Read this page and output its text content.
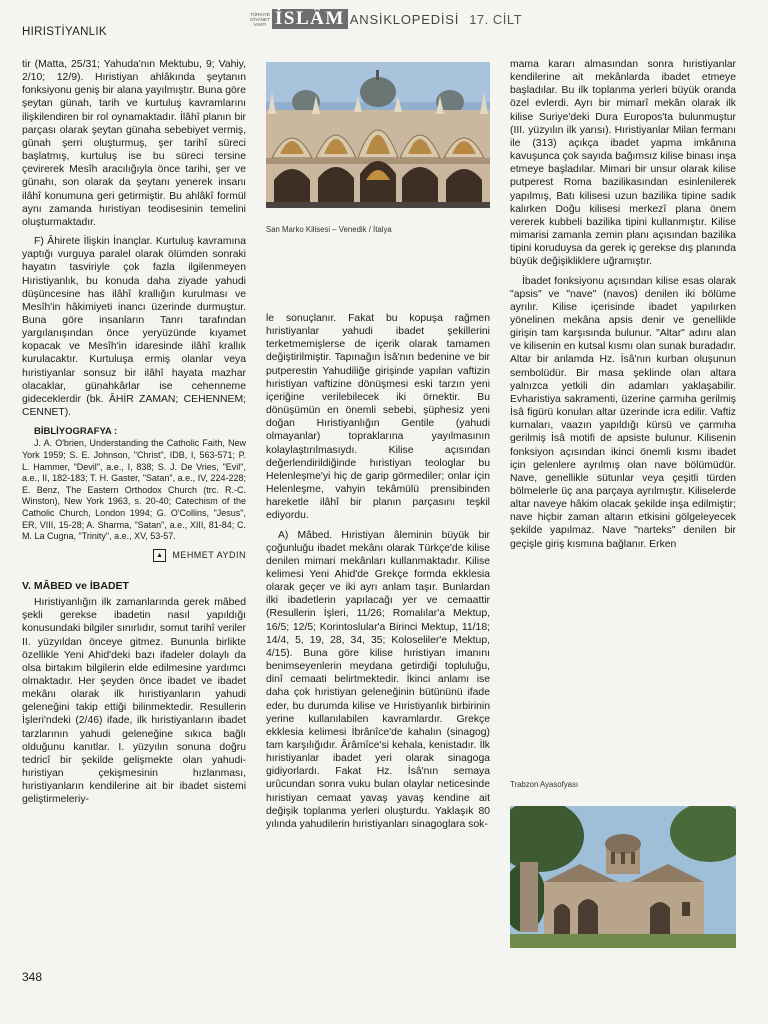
HIRISTİYANLIK
TÜRKİYE
DİYANET
VAKFI İSLÂM ANSİKLOPEDİSİ 17. CİLT

tir (Matta, 25/31; Yahuda'nın Mektubu, 9; Vahiy, 2/10; 12/9). Hıristiyan ahlâkında şeytanın fonksiyonu geniş bir alana yayılmıştır. Buna göre şeytan günah, tarih ve kurtuluş kavramlarını ilişkilendiren bir rol oynamaktadır. İlâhî planın bir parçası olarak şeytan günaha sebebiyet vermiş, günah şerri oluşturmuş, şer tarihî süreci başlatmış, kurtuluş ise bu süreci tersine çevirerek Mesîh aracılığıyla önce tarihi, şer ve günahı, son olarak da şeytanı yenerek insanı ilâhî konumuna geri getirmiştir. Bu ahlâkî formül aynı zamanda hıristiyan teodisesinin temelini oluşturmaktadır.

F) Âhirete İlişkin İnançlar. Kurtuluş kavramına yaptığı vurguya paralel olarak ölümden sonraki hayatın tasviriyle çok fazla ilgilenmeyen Hıristiyanlık, bu konuda daha ziyade yahudi düşüncesine has ilâhî krallığın kurulması ve Mesîh'in hâkimiyeti inancı üzerinde durmuştur. Buna göre insanların Tanrı tarafından yargılanışından önce yeryüzünde kıyamet kopacak ve Mesîh'in idaresinde ilâhî krallık kurulacaktır. Kurtuluşa ermiş olanlar veya hıristiyanlar sonsuz bir ilâhî hayata mazhar olacaklar, günahkârlar ise cehenneme gideceklerdir (bk. ÂHİR ZAMAN; CEHENNEM; CENNET).

BİBLİYOGRAFYA :

J. A. O'brien, Understanding the Catholic Faith, New York 1959; S. E. Johnson, "Christ", IDB, I, 563-571; P. L. Hammer, "Devil", a.e., I, 838; S. J. De Vries, "Evil", a.e., II, 182-183; T. H. Gaster, "Satan", a.e., IV, 224-228; E. Benz, The Eastern Orthodox Church (trc. R.-C. Winston), New York 1963, s. 20-40; Catechism of the Catholic Church, London 1994; G. O'Collins, "Jesus", ER, VIII, 15-28; A. Sharma, "Satan", a.e., XIII, 81-84; C. M. La Cugna, "Trinity", a.e., XV, 53-57.

▲ MEHMET AYDIN
V. MÂBED ve İBADET

Hıristiyanlığın ilk zamanlarında gerek mâbed şekli gerekse ibadetin nasıl yapıldığı konusundaki bilgiler sınırlıdır, somut tarihî veriler II. yüzyıldan önceye gitmez. Bununla birlikte özellikle Yeni Ahid'deki bazı ifadeler dolaylı da olsa birtakım bilgilerin elde edilmesine yardımcı olmaktadır. Her şeyden önce ibadet ve ibadet mekânı olarak ilk hıristiyanların yahudi geleneğini takip ettiği bilinmektedir. Resullerin İşleri'ndeki (2/46) ifade, ilk hıristiyanların ibadet tarzlarının yahudi geleneğine sıkıca bağlı olduğunu kanıtlar. I. yüzyılın sonuna doğru tedricî bir şekilde gelişmekte olan yahudi-hıristiyan çekişmesinin hızlanması, hıristiyanların kendilerine ait bir ibadet sistemi geliştirmeleriy-

San Marko Kilisesi – Venedik / İtalya

le sonuçlanır. Fakat bu kopuşa rağmen hıristiyanlar yahudi ibadet şekillerini terketmemişlerse de içerik olarak tamamen değiştirilmiştir. Tapınağın İsâ'nın bedenine ve bir putperestin Yahudiliğe girişinde yapılan vaftizin hıristiyan vaftizine dönüşmesi eski tarzın yeni içeriğine verilebilecek iki örnektir. Bu dönüşümün en önemli sebebi, şüphesiz yeni doğan Hıristiyanlığın Gentile (yahudi olmayanlar) topraklarına yayılmasının kolaylaştırılmasıydı. Kilise açısından değerlendirildiğinde hıristiyan teologlar bu Helenleşme'yi hiç de garip görmediler; onlar için Helenleşme, vahyin tekâmülü prensibinden hareketle ilâhî bir planın parçasını teşkil ediyordu.

A) Mâbed. Hıristiyan âleminin büyük bir çoğunluğu ibadet mekânı olarak Türkçe'de kilise denilen mimari mekânları kullanmaktadır. Kilise kelimesi Yeni Ahid'de Grekçe formda ekklesia olarak geçer ve iki ayrı anlam taşır. Bunlardan ilki ibadetlerin yapılacağı yer ve cemaattir (Resullerin İşleri, 11/26; Romalılar'a Mektup, 16/5; 12/5; Korintoslular'a Birinci Mektup, 11/18; 14/4, 5, 19, 28, 34, 35; Koloseliler'e Mektup, 4/15). Buna göre kilise hıristiyan imanını benimseyenlerin meydana getirdiği topluluğu, dinî cemaati belirtmektedir. İkinci anlamı ise daha çok hıristiyan geleneğinin bütününü ifade eder, bu durumda kilise ve Hıristiyanlık birbirinin yerine kullanılabilen kavramlardır. Grekçe ekklesia kelimesi İbrânîce'de kahalın (sinagog) tam karşılığıdır. Ârâmîce'si kehala, kenistadır. İlk hıristiyanlar ibadet yeri olarak sinagoga gidiyorlardı. Fakat Hz. İsâ'nın semaya urûcundan sonra vuku bulan olaylar neticesinde hıristiyan cemaat yavaş yavaş kendine ait değişik toplanma yerleri oluşturdu. Yaklaşık 80 yılında yahudilerin hıristiyanları sinagoglara sok-

mama kararı almasından sonra hıristiyanlar kendilerine ait mekânlarda ibadet etmeye başladılar. Bu ilk toplanma yerleri büyük oranda özel evlerdi. Ayrı bir mimarî mekân olarak ilk kilise Suriye'deki Dura Europos'ta bulunmuştur (III. yüzyılın ilk yarısı). Hıristiyanlar Milan fermanı ile (313) açıkça ibadet yapma imkânına kavuşunca çok sayıda bağımsız kilise binası inşa etmeye başladılar. Mimari bir unsur olarak kilise putperest Roma bazilikasından esinlenilerek yapılmış, Batı kilisesi uzun bazilika tipine sadık kalırken Doğu kilisesi merkezî plana önem vererek kubbeli bazilika tipini kullanmıştır. Kilise mimarisi zamanla zemin planı açısından bazilika tipini koruduysa da gerek iç gerekse dış planında büyük değişikliklere uğramıştır.

İbadet fonksiyonu açısından kilise esas olarak "apsis" ve "nave" (navos) denilen iki bölüme ayrılır. Kilise içerisinde ibadet yapılırken yönelinen mekâna apsis denir ve genellikle girişin tam karşısında bulunur. "Altar" adını alan ve kilisenin en kutsal kısmı olan sunak buradadır. Altar bir anlamda Hz. İsâ'nın kurban oluşunun sembolüdür. Bir masa şeklinde olan altara yalnızca yetkili din adamları yaklaşabilir. Evharistiya sakramenti, üzerine çarmıha gerilmiş İsâ figürü konulan altar üzerinde icra edilir. Vaftiz kurnaları, vaazın yapıldığı kürsü ve çarmıha gerilmiş İsâ motifi de apsiste bulunur. Kilisenin fonksiyon açısından ikinci önemli kısmı ibadet için gelenlere ayrılmış olan nave bölümüdür. Nave, genellikle sütunlar veya çeşitli türden bölmelerle üç ana parçaya ayrılmıştır. Kiliselerde altar naveye hâkim olacak şekilde inşa edilmiştir; nave hiçbir zaman altarın etkisini gölgeleyecek şekilde yapılmaz. Nave "narteks" denilen bir geçişle giriş kısmına bağlanır. Erken

Trabzon Ayasofyası
348
